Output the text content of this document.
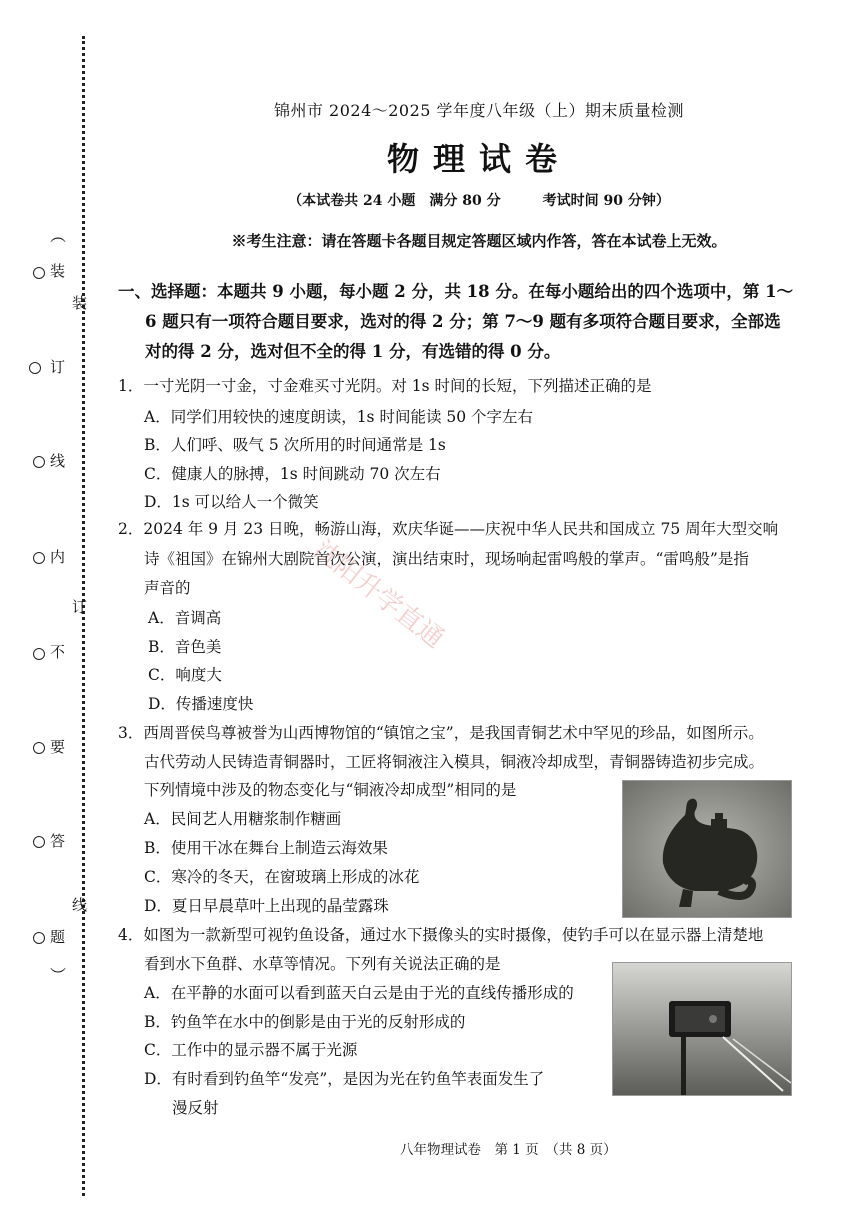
︵
︶
装
订
线
内
不
要
答
题
装
订
线
沈阳升学直通
锦州市 2024～2025 学年度八年级（上）期末质量检测
物理试卷
（本试卷共 24 小题　满分 80 分　　　考试时间 90 分钟）
※考生注意：请在答题卡各题目规定答题区域内作答，答在本试卷上无效。
一、选择题：本题共 9 小题，每小题 2 分，共 18 分。在每小题给出的四个选项中，第 1～
6 题只有一项符合题目要求，选对的得 2 分；第 7～9 题有多项符合题目要求，全部选
对的得 2 分，选对但不全的得 1 分，有选错的得 0 分。
1．一寸光阴一寸金，寸金难买寸光阴。对 1s 时间的长短，下列描述正确的是
A．同学们用较快的速度朗读，1s 时间能读 50 个字左右
B．人们呼、吸气 5 次所用的时间通常是 1s
C．健康人的脉搏，1s 时间跳动 70 次左右
D．1s 可以给人一个微笑
2．2024 年 9 月 23 日晚，畅游山海，欢庆华诞——庆祝中华人民共和国成立 75 周年大型交响
诗《祖国》在锦州大剧院首次公演，演出结束时，现场响起雷鸣般的掌声。“雷鸣般”是指
声音的
A．音调高
B．音色美
C．响度大
D．传播速度快
3．西周晋侯鸟尊被誉为山西博物馆的“镇馆之宝”，是我国青铜艺术中罕见的珍品，如图所示。
古代劳动人民铸造青铜器时，工匠将铜液注入模具，铜液冷却成型，青铜器铸造初步完成。
下列情境中涉及的物态变化与“铜液冷却成型”相同的是
A．民间艺人用糖浆制作糖画
B．使用干冰在舞台上制造云海效果
C．寒冷的冬天，在窗玻璃上形成的冰花
D．夏日早晨草叶上出现的晶莹露珠
4．如图为一款新型可视钓鱼设备，通过水下摄像头的实时摄像，使钓手可以在显示器上清楚地
看到水下鱼群、水草等情况。下列有关说法正确的是
A．在平静的水面可以看到蓝天白云是由于光的直线传播形成的
B．钓鱼竿在水中的倒影是由于光的反射形成的
C．工作中的显示器不属于光源
D．有时看到钓鱼竿“发亮”，是因为光在钓鱼竿表面发生了
漫反射
八年物理试卷　第 1 页　（共 8 页）
